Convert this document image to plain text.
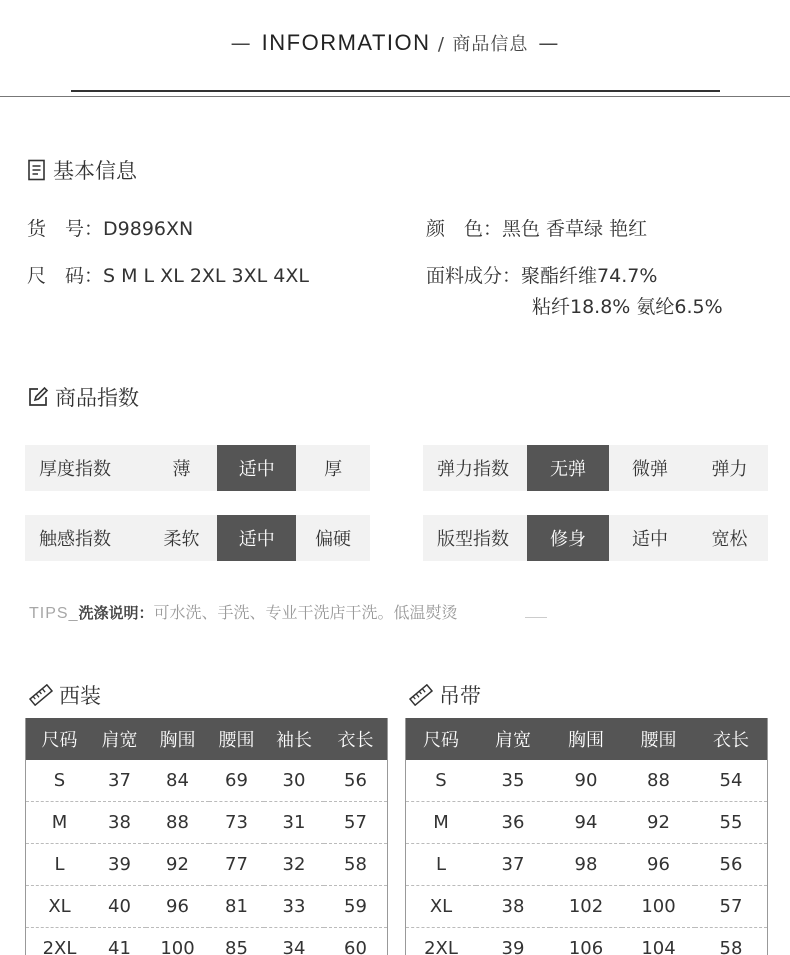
— INFORMATION / 商品信息 —
基本信息
货　号：D9896XN	颜　色：黑色 香草绿 艳红
尺　码：S M L XL 2XL 3XL 4XL	面料成分：聚酯纤维74.7%
粘纤18.8% 氨纶6.5%
商品指数
厚度指数	薄	适中	厚	弹力指数	无弹	微弹	弹力
触感指数	柔软	适中	偏硬	版型指数	修身	适中	宽松
TIPS_洗涤说明：可水洗、手洗、专业干洗店干洗。低温熨烫
西装
尺码	肩宽	胸围	腰围	袖长	衣长
S	37	84	69	30	56
M	38	88	73	31	57
L	39	92	77	32	58
XL	40	96	81	33	59
2XL	41	100	85	34	60
吊带
尺码	肩宽	胸围	腰围	衣长
S	35	90	88	54
M	36	94	92	55
L	37	98	96	56
XL	38	102	100	57
2XL	39	106	104	58
